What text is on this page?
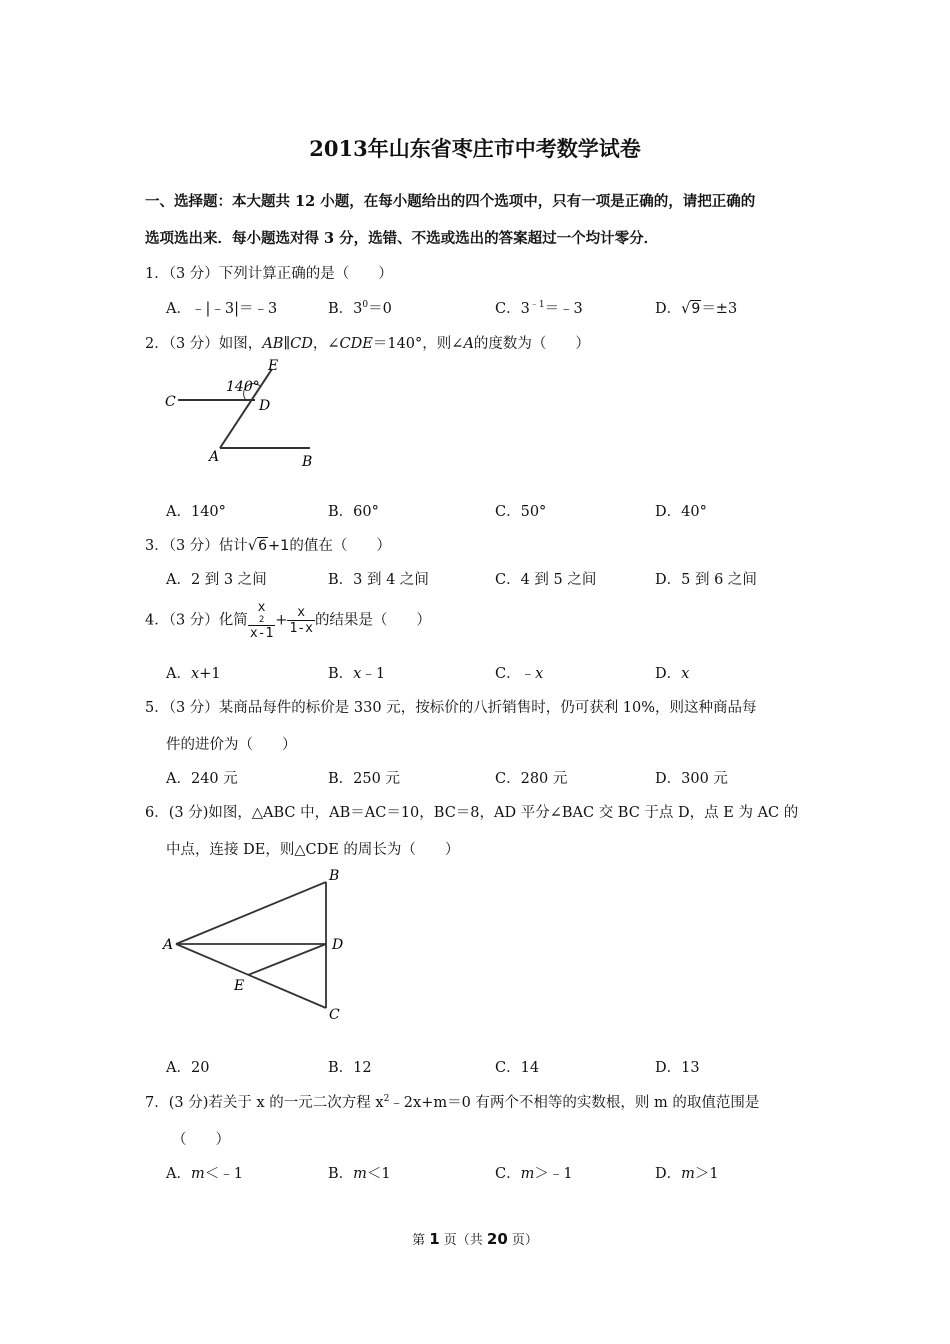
2013年山东省枣庄市中考数学试卷
一、选择题：本大题共 12 小题，在每小题给出的四个选项中，只有一项是正确的，请把正确的
选项选出来．每小题选对得 3 分，选错、不选或选出的答案超过一个均计零分．
1．（3 分）下列计算正确的是（　　）
A．﹣|﹣3|＝﹣3	B．$3^0=0$	C．$3^{﹣1}=﹣3$	D．√9＝±3
2．（3 分）如图，AB∥CD，∠CDE＝140°，则∠A的度数为（　　）
140°
E
C	D
A	B
A．140°	B．60°	C．50°	D．40°
3．（3 分）估计√6+1的值在（　　）
A．2 到 3 之间	B．3 到 4 之间	C．4 到 5 之间	D．5 到 6 之间
4．（3 分）化简 x
2
$x-1 + \frac{x}{1-x}$ 的结果是（　　）
A．x+1	B．x﹣1	C．﹣x	D．x
5．（3 分）某商品每件的标价是 330 元，按标价的八折销售时，仍可获利 10%，则这种商品每
件的进价为（　　）
A．240 元	B．250 元	C．280 元	D．300 元
6．(3 分)如图，△ABC 中，AB＝AC＝10，BC＝8，AD 平分∠BAC 交 BC 于点 D，点 E 为 AC 的
中点，连接 DE，则△CDE 的周长为（　　）
B
A	D
E
C
A．20	B．12	C．14	D．13
7．(3 分)若关于 x 的一元二次方程 $x^2﹣2x+m=0$ 有两个不相等的实数根，则 m 的取值范围是
（　　）
A．m＜﹣1	B．m＜1	C．m＞﹣1	D．m＞1
第 1 页（共 20 页）
